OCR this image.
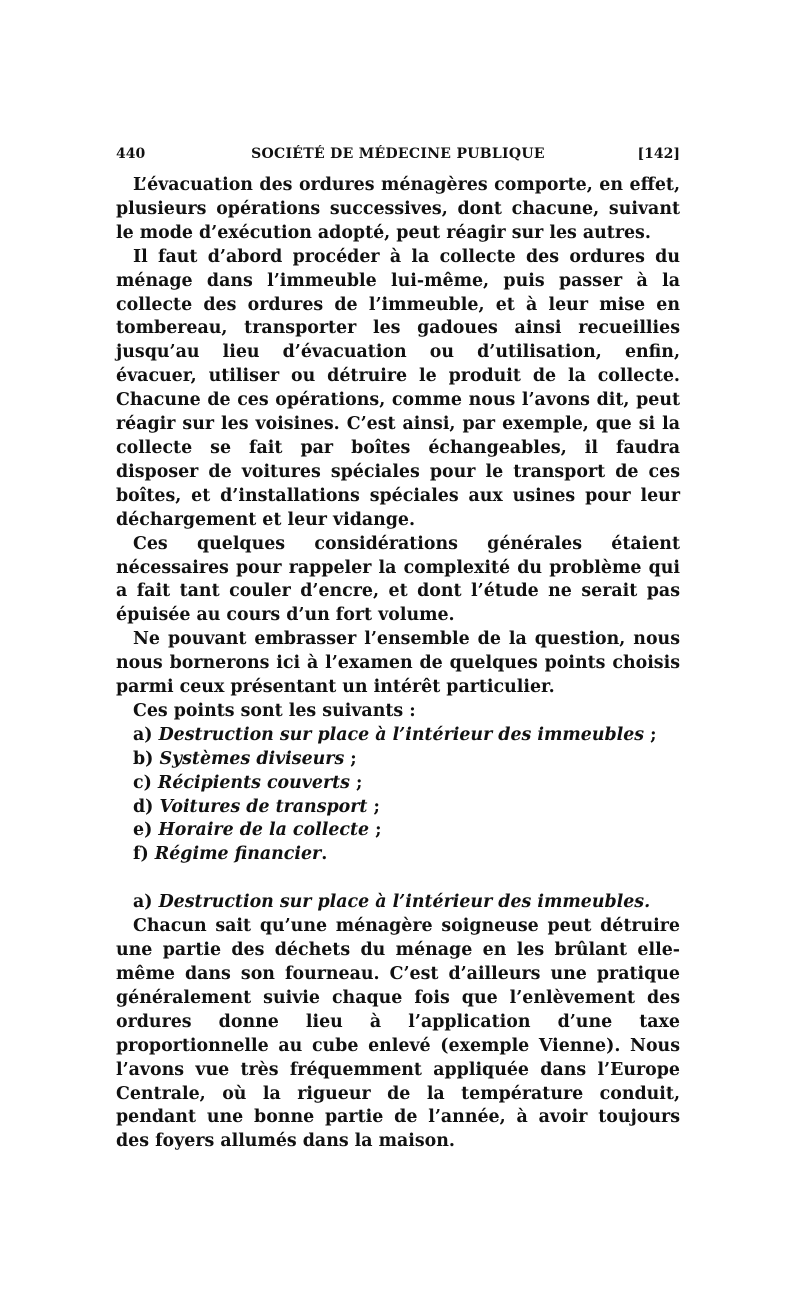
440	SOCIÉTÉ DE MÉDECINE PUBLIQUE	[142]

L’évacuation des ordures ménagères comporte, en effet, plusieurs opérations successives, dont chacune, suivant le mode d’exécution adopté, peut réagir sur les autres.

Il faut d’abord procéder à la collecte des ordures du ménage dans l’immeuble lui-même, puis passer à la collecte des ordures de l’immeuble, et à leur mise en tombereau, transporter les gadoues ainsi recueillies jusqu’au lieu d’évacuation ou d’utilisation, enfin, évacuer, utiliser ou détruire le produit de la collecte. Chacune de ces opérations, comme nous l’avons dit, peut réagir sur les voisines. C’est ainsi, par exemple, que si la collecte se fait par boîtes échangeables, il faudra disposer de voitures spéciales pour le transport de ces boîtes, et d’installations spéciales aux usines pour leur déchargement et leur vidange.

Ces quelques considérations générales étaient nécessaires pour rappeler la complexité du problème qui a fait tant couler d’encre, et dont l’étude ne serait pas épuisée au cours d’un fort volume.

Ne pouvant embrasser l’ensemble de la question, nous nous bornerons ici à l’examen de quelques points choisis parmi ceux présentant un intérêt particulier.

Ces points sont les suivants :

a) Destruction sur place à l’intérieur des immeubles ;
b) Systèmes diviseurs ;
c) Récipients couverts ;
d) Voitures de transport ;
e) Horaire de la collecte ;
f) Régime financier.
a) Destruction sur place à l’intérieur des immeubles.

Chacun sait qu’une ménagère soigneuse peut détruire une partie des déchets du ménage en les brûlant elle-même dans son fourneau. C’est d’ailleurs une pratique généralement suivie chaque fois que l’enlèvement des ordures donne lieu à l’application d’une taxe proportionnelle au cube enlevé (exemple Vienne). Nous l’avons vue très fréquemment appliquée dans l’Europe Centrale, où la rigueur de la température conduit, pendant une bonne partie de l’année, à avoir toujours des foyers allumés dans la maison.
